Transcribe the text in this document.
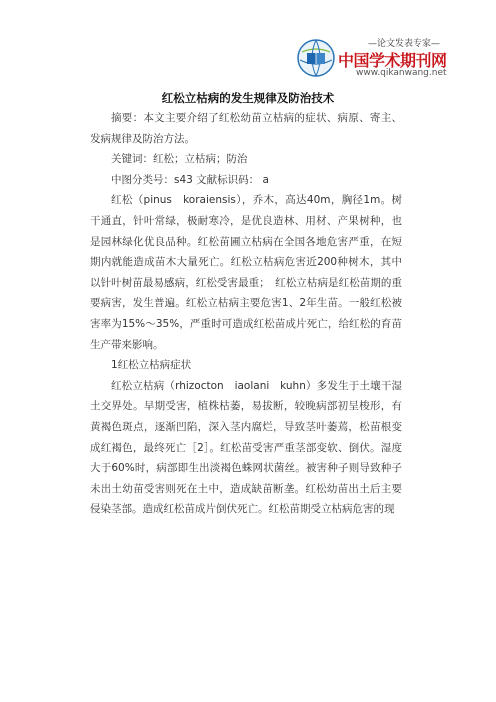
—论文发表专家—
中国学术期刊网
www.qikanwang.net
红松立枯病的发生规律及防治技术

摘要：本文主要介绍了红松幼苗立枯病的症状、病原、寄主、发病规律及防治方法。

关键词：红松；立枯病；防治

中图分类号：s43 文献标识码： a

红松（pinus　koraiensis），乔木，高达40m，胸径1m。树干通直，针叶常绿，极耐寒冷，是优良造林、用材、产果树种，也是园林绿化优良品种。红松苗圃立枯病在全国各地危害严重，在短期内就能造成苗木大量死亡。红松立枯病危害近200种树木，其中以针叶树苗最易感病，红松受害最重；　红松立枯病是红松苗期的重要病害，发生普遍。红松立枯病主要危害1、2年生苗。一般红松被害率为15%～35%，严重时可造成红松苗成片死亡，给红松的育苗生产带来影响。

1红松立枯病症状

红松立枯病（rhizocton　iaolani　kuhn）多发生于土壤干湿土交界处。早期受害，植株枯萎，易拔断，较晚病部初呈梭形，有黄褐色斑点，逐渐凹陷，深入茎内腐烂，导致茎叶萎蔫，松苗根变成红褐色，最终死亡［2］。红松苗受害严重茎部变软、倒伏。湿度大于60%时，病部即生出淡褐色蛛网状菌丝。被害种子则导致种子未出土幼苗受害则死在土中，造成缺苗断垄。红松幼苗出土后主要侵染茎部。造成红松苗成片倒伏死亡。红松苗期受立枯病危害的现
